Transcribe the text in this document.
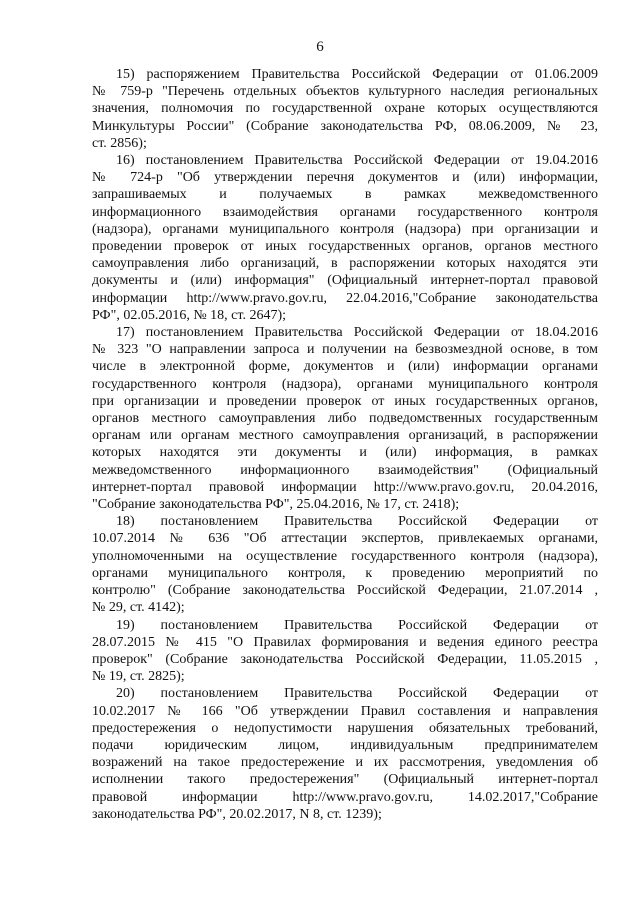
6
15) распоряжением Правительства Российской Федерации от 01.06.2009
№ 759-р "Перечень отдельных объектов культурного наследия региональных
значения, полномочия по государственной охране которых осуществляются
Минкультуры России" (Собрание законодательства РФ, 08.06.2009, № 23,
ст. 2856);
16) постановлением Правительства Российской Федерации от 19.04.2016
№ 724-р "Об утверждении перечня документов и (или) информации,
запрашиваемых и получаемых в рамках межведомственного
информационного взаимодействия органами государственного контроля
(надзора), органами муниципального контроля (надзора) при организации и
проведении проверок от иных государственных органов, органов местного
самоуправления либо организаций, в распоряжении которых находятся эти
документы и (или) информация" (Официальный интернет-портал правовой
информации http://www.pravo.gov.ru, 22.04.2016,"Собрание законодательства
РФ", 02.05.2016, № 18, ст. 2647);
17) постановлением Правительства Российской Федерации от 18.04.2016
№ 323 "О направлении запроса и получении на безвозмездной основе, в том
числе в электронной форме, документов и (или) информации органами
государственного контроля (надзора), органами муниципального контроля
при организации и проведении проверок от иных государственных органов,
органов местного самоуправления либо подведомственных государственным
органам или органам местного самоуправления организаций, в распоряжении
которых находятся эти документы и (или) информация, в рамках
межведомственного информационного взаимодействия" (Официальный
интернет-портал правовой информации http://www.pravo.gov.ru, 20.04.2016,
"Собрание законодательства РФ", 25.04.2016, № 17, ст. 2418);
18) постановлением Правительства Российской Федерации от
10.07.2014 № 636 "Об аттестации экспертов, привлекаемых органами,
уполномоченными на осуществление государственного контроля (надзора),
органами муниципального контроля, к проведению мероприятий по
контролю" (Собрание законодательства Российской Федерации, 21.07.2014 ,
№ 29, ст. 4142);
19) постановлением Правительства Российской Федерации от
28.07.2015 № 415 "О Правилах формирования и ведения единого реестра
проверок" (Собрание законодательства Российской Федерации, 11.05.2015 ,
№ 19, ст. 2825);
20) постановлением Правительства Российской Федерации от
10.02.2017 № 166 "Об утверждении Правил составления и направления
предостережения о недопустимости нарушения обязательных требований,
подачи юридическим лицом, индивидуальным предпринимателем
возражений на такое предостережение и их рассмотрения, уведомления об
исполнении такого предостережения" (Официальный интернет-портал
правовой информации http://www.pravo.gov.ru, 14.02.2017,"Собрание
законодательства РФ", 20.02.2017, N 8, ст. 1239);
